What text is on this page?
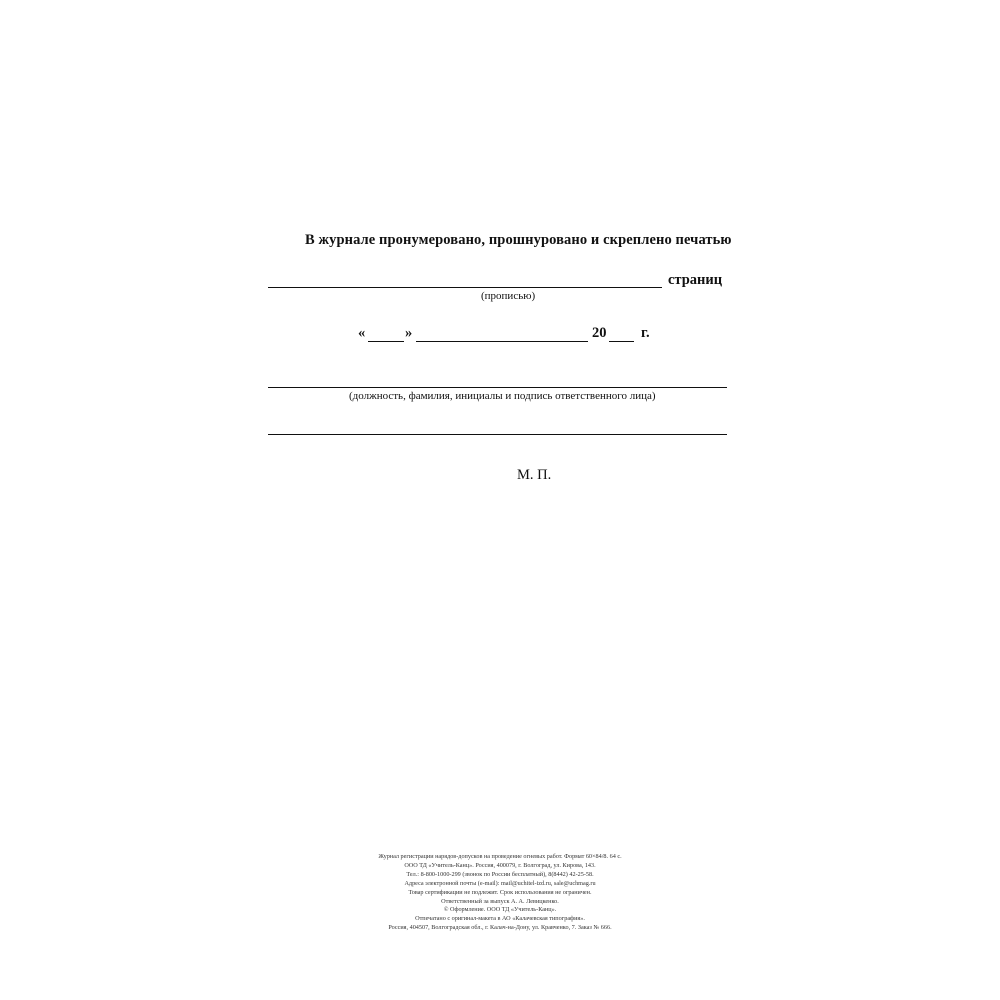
В журнале пронумеровано, прошнуровано и скреплено печатью
страниц
(прописью)
«	»	20 г.
(должность, фамилия, инициалы и подпись ответственного лица)
М. П.
Журнал регистрации нарядов-допусков на проведение огневых работ. Формат 60×84/8. 64 с.
ООО ТД «Учитель-Канц». Россия, 400079, г. Волгоград, ул. Кирова, 143.
Тел.: 8-800-1000-299 (звонок по России бесплатный), 8(8442) 42-25-58.
Адреса электронной почты (e-mail): mail@uchitel-izd.ru, sale@uchmag.ru
Товар сертификации не подлежит. Срок использования не ограничен.
Ответственный за выпуск А. А. Левицкенко.
© Оформление. ООО ТД «Учитель-Канц».
Отпечатано с оригинал-макета в АО «Калачевская типография».
Россия, 404507, Волгоградская обл., г. Калач-на-Дону, ул. Кравченко, 7. Заказ № 666.
